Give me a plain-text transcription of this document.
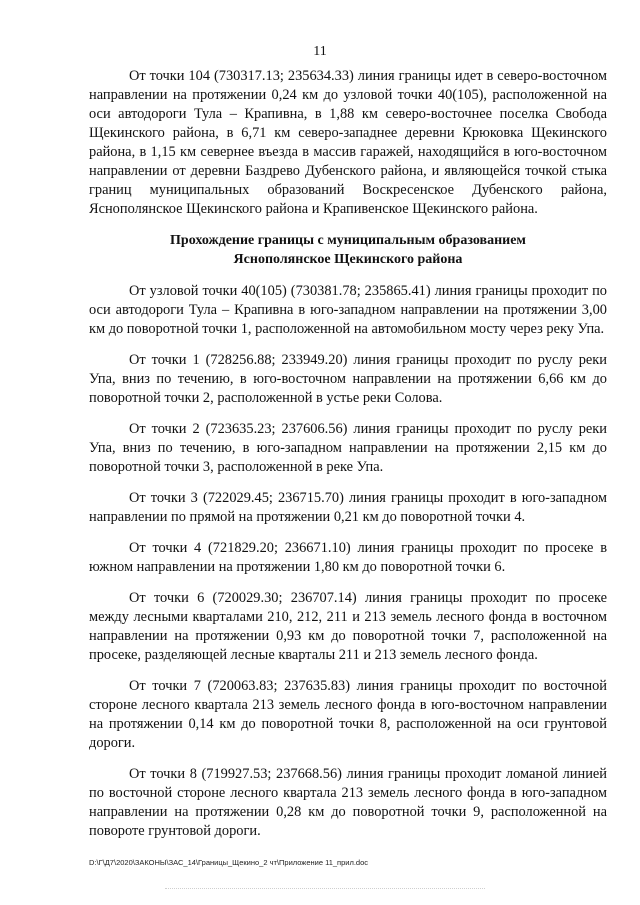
11

От точки 104 (730317.13; 235634.33) линия границы идет в северо-восточном направлении на протяжении 0,24 км до узловой точки 40(105), расположенной на оси автодороги Тула – Крапивна, в 1,88 км северо-восточнее поселка Свобода Щекинского района, в 6,71 км северо-западнее деревни Крюковка Щекинского района, в 1,15 км севернее въезда в массив гаражей, находящийся в юго-восточном направлении от деревни Баздрево Дубенского района, и являющейся точкой стыка границ муниципальных образований Воскресенское Дубенского района, Яснополянское Щекинского района и Крапивенское Щекинского района.

Прохождение границы с муниципальным образованием
Яснополянское Щекинского района

От узловой точки 40(105) (730381.78; 235865.41) линия границы проходит по оси автодороги Тула – Крапивна в юго-западном направлении на протяжении 3,00 км до поворотной точки 1, расположенной на автомобильном мосту через реку Упа.

От точки 1 (728256.88; 233949.20) линия границы проходит по руслу реки Упа, вниз по течению, в юго-восточном направлении на протяжении 6,66 км до поворотной точки 2, расположенной в устье реки Солова.

От точки 2 (723635.23; 237606.56) линия границы проходит по руслу реки Упа, вниз по течению, в юго-западном направлении на протяжении 2,15 км до поворотной точки 3, расположенной в реке Упа.

От точки 3 (722029.45; 236715.70) линия границы проходит в юго-западном направлении по прямой на протяжении 0,21 км до поворотной точки 4.

От точки 4 (721829.20; 236671.10) линия границы проходит по просеке в южном направлении на протяжении 1,80 км до поворотной точки 6.

От точки 6 (720029.30; 236707.14) линия границы проходит по просеке между лесными кварталами 210, 212, 211 и 213 земель лесного фонда в восточном направлении на протяжении 0,93 км до поворотной точки 7, расположенной на просеке, разделяющей лесные кварталы 211 и 213 земель лесного фонда.

От точки 7 (720063.83; 237635.83) линия границы проходит по восточной стороне лесного квартала 213 земель лесного фонда в юго-восточном направлении на протяжении 0,14 км до поворотной точки 8, расположенной на оси грунтовой дороги.

От точки 8 (719927.53; 237668.56) линия границы проходит ломаной линией по восточной стороне лесного квартала 213 земель лесного фонда в юго-западном направлении на протяжении 0,28 км до поворотной точки 9, расположенной на повороте грунтовой дороги.

D:\Г\Д7\2020\ЗАКОНЫ\ЗАС_14\Границы_Щекино_2 чт\Приложение 11_прил.doc
